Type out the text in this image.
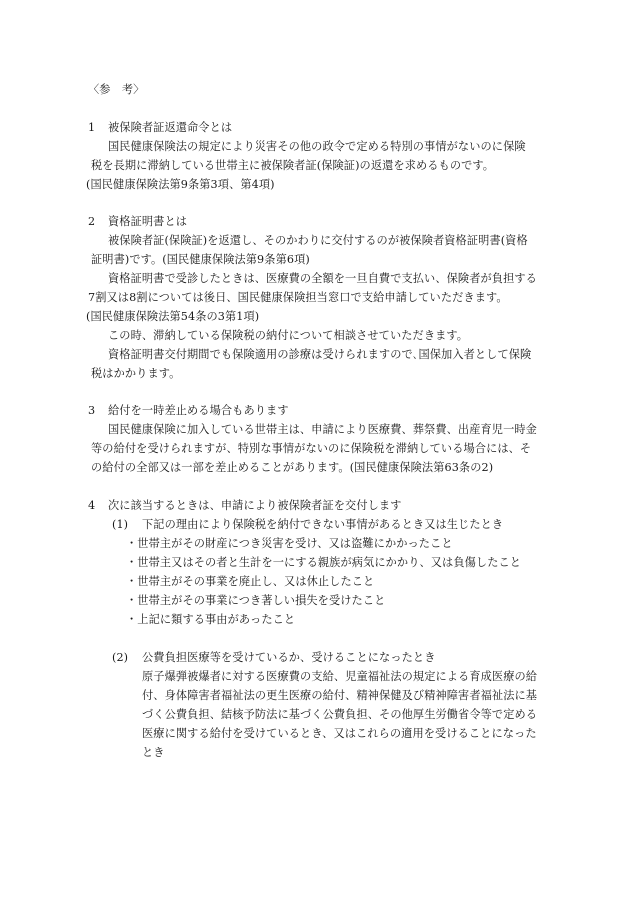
〈参　考〉
1 被保険者証返還命令とは
国民健康保険法の規定により災害その他の政令で定める特別の事情がないのに保険
税を長期に滞納している世帯主に被保険者証(保険証)の返還を求めるものです。
(国民健康保険法第9条第3項、第4項)
2 資格証明書とは
被保険者証(保険証)を返還し、そのかわりに交付するのが被保険者資格証明書(資格
証明書)です。(国民健康保険法第9条第6項)
資格証明書で受診したときは、医療費の全額を一旦自費で支払い、保険者が負担する
7割又は8割については後日、国民健康保険担当窓口で支給申請していただきます。
(国民健康保険法第54条の3第1項)
この時、滞納している保険税の納付について相談させていただきます。
資格証明書交付期間でも保険適用の診療は受けられますので､国保加入者として保険
税はかかります。
3 給付を一時差止める場合もあります
国民健康保険に加入している世帯主は、申請により医療費、葬祭費、出産育児一時金
等の給付を受けられますが、特別な事情がないのに保険税を滞納している場合には、そ
の給付の全部又は一部を差止めることがあります。(国民健康保険法第63条の2)
4 次に該当するときは、申請により被保険者証を交付します
(1) 下記の理由により保険税を納付できない事情があるとき又は生じたとき
・世帯主がその財産につき災害を受け、又は盗難にかかったこと
・世帯主又はその者と生計を一にする親族が病気にかかり、又は負傷したこと
・世帯主がその事業を廃止し、又は休止したこと
・世帯主がその事業につき著しい損失を受けたこと
・上記に類する事由があったこと
(2) 公費負担医療等を受けているか、受けることになったとき
原子爆弾被爆者に対する医療費の支給、児童福祉法の規定による育成医療の給
付、身体障害者福祉法の更生医療の給付、精神保健及び精神障害者福祉法に基
づく公費負担、結核予防法に基づく公費負担、その他厚生労働省令等で定める
医療に関する給付を受けているとき、又はこれらの適用を受けることになった
とき
